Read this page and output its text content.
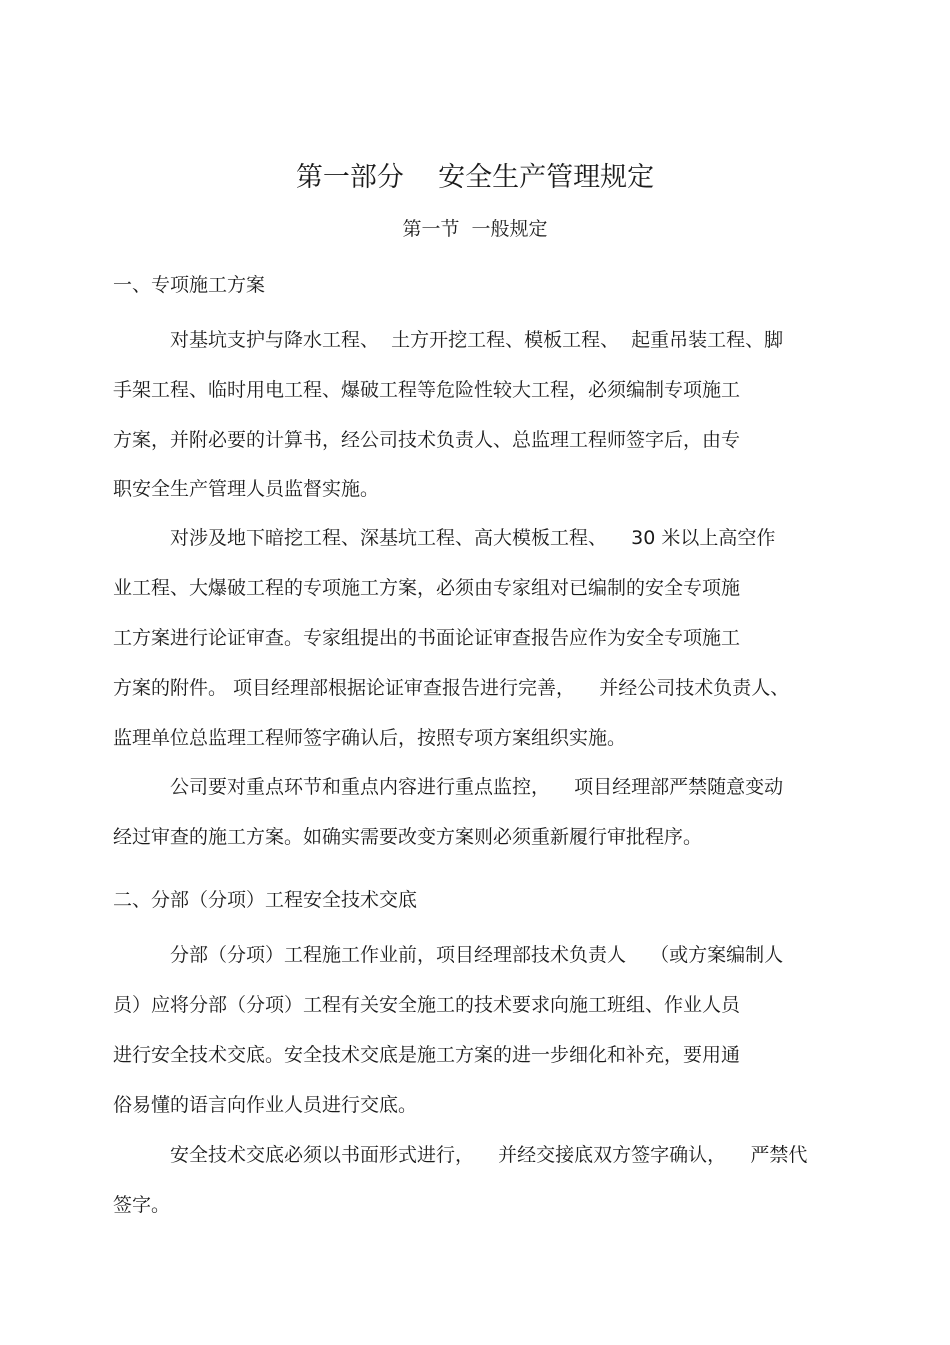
第一部分    安全生产管理规定
第一节  一般规定
一、专项施工方案
对基坑支护与降水工程、  土方开挖工程、模板工程、  起重吊装工程、脚
手架工程、临时用电工程、爆破工程等危险性较大工程，必须编制专项施工
方案，并附必要的计算书，经公司技术负责人、总监理工程师签字后，由专
职安全生产管理人员监督实施。
对涉及地下暗挖工程、深基坑工程、高大模板工程、    30 米以上高空作
业工程、大爆破工程的专项施工方案，必须由专家组对已编制的安全专项施
工方案进行论证审查。专家组提出的书面论证审查报告应作为安全专项施工
方案的附件。 项目经理部根据论证审查报告进行完善，    并经公司技术负责人、
监理单位总监理工程师签字确认后，按照专项方案组织实施。
公司要对重点环节和重点内容进行重点监控，    项目经理部严禁随意变动
经过审查的施工方案。如确实需要改变方案则必须重新履行审批程序。
二、分部（分项）工程安全技术交底
分部（分项）工程施工作业前，项目经理部技术负责人    （或方案编制人
员）应将分部（分项）工程有关安全施工的技术要求向施工班组、作业人员
进行安全技术交底。安全技术交底是施工方案的进一步细化和补充，要用通
俗易懂的语言向作业人员进行交底。
安全技术交底必须以书面形式进行，    并经交接底双方签字确认，    严禁代
签字。
